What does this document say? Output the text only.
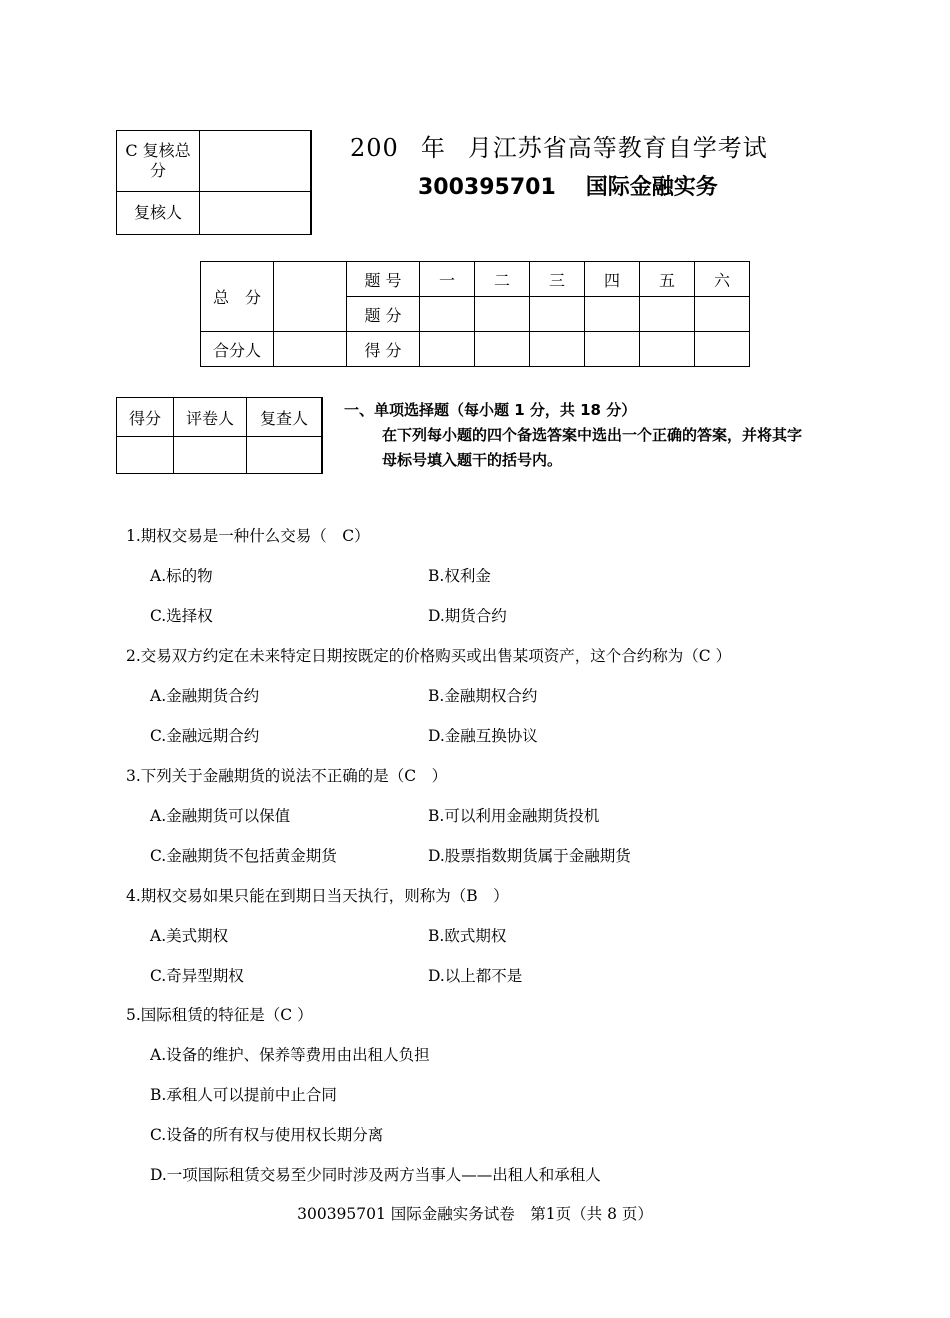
C 复核总分	
复核人	
200 年 月江苏省高等教育自学考试
300395701 国际金融实务
总　分		题 号	一	二	三	四	五	六
		题 分						
合分人		得 分						
得分	评卷人	复查人
		一、单项选择题（每小题 1 分，共 18 分）
在下列每小题的四个备选答案中选出一个正确的答案，并将其字母标号填入题干的括号内。
1.期权交易是一种什么交易（　C）
A.标的物	B.权利金
C.选择权	D.期货合约
2.交易双方约定在未来特定日期按既定的价格购买或出售某项资产，这个合约称为（C ）
A.金融期货合约	B.金融期权合约
C.金融远期合约	D.金融互换协议
3.下列关于金融期货的说法不正确的是（C　）
A.金融期货可以保值	B.可以利用金融期货投机
C.金融期货不包括黄金期货	D.股票指数期货属于金融期货
4.期权交易如果只能在到期日当天执行，则称为（B　）
A.美式期权	B.欧式期权
C.奇异型期权	D.以上都不是
5.国际租赁的特征是（C ）
A.设备的维护、保养等费用由出租人负担
B.承租人可以提前中止合同
C.设备的所有权与使用权长期分离
D.一项国际租赁交易至少同时涉及两方当事人——出租人和承租人
300395701 国际金融实务试卷　第1页（共 8 页）
